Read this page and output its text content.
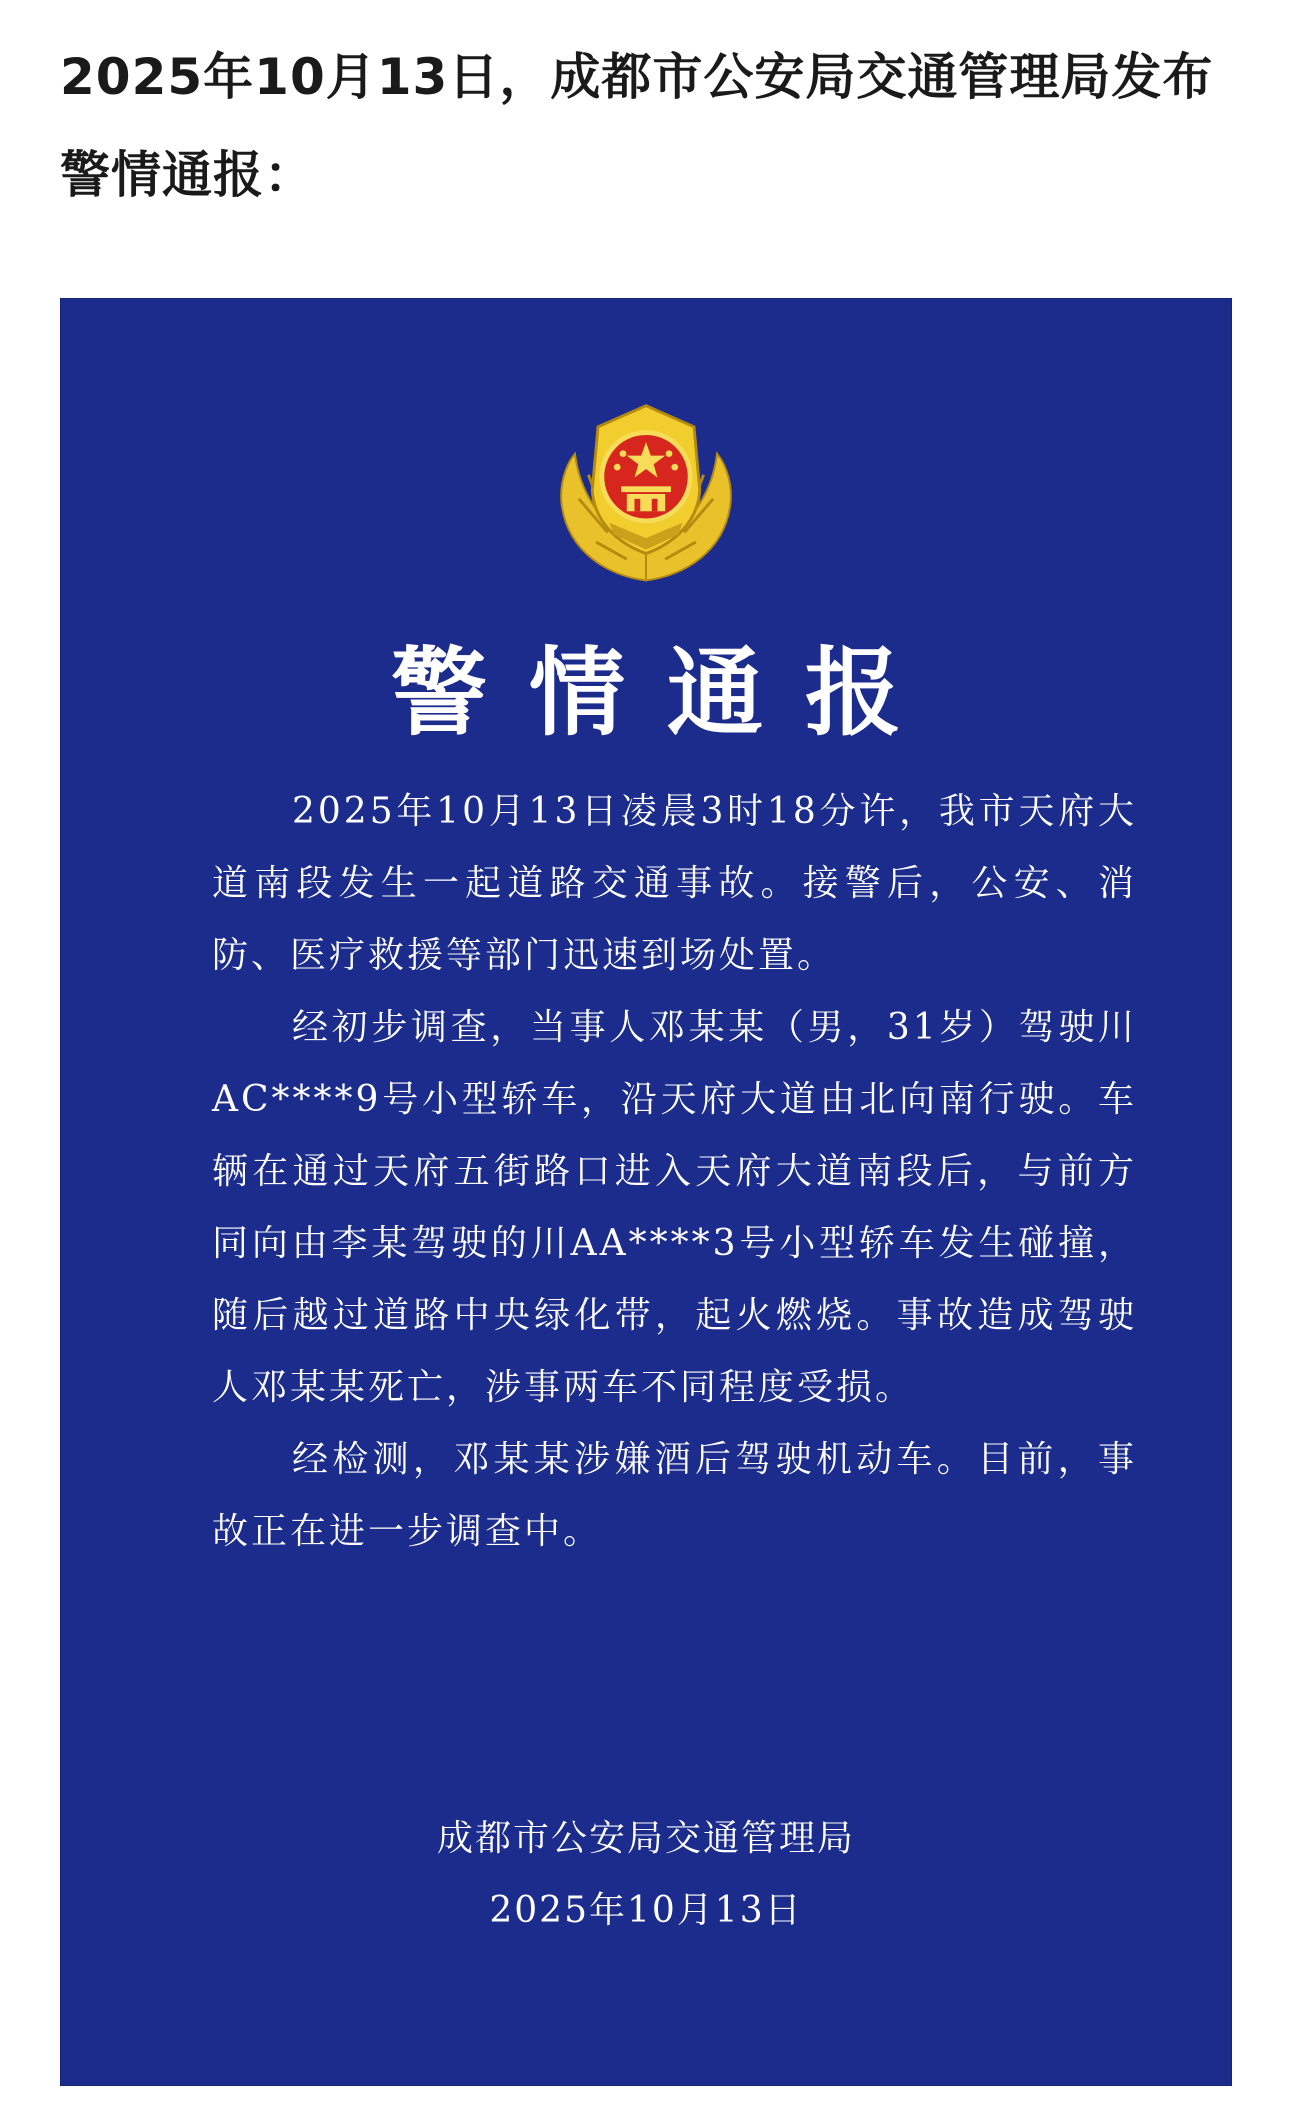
2025年10月13日，成都市公安局交通管理局发布警情通报：
警情通报

2025年10月13日凌晨3时18分许，我市天府大道南段发生一起道路交通事故。接警后，公安、消防、医疗救援等部门迅速到场处置。

经初步调查，当事人邓某某（男，31岁）驾驶川AC****9号小型轿车，沿天府大道由北向南行驶。车辆在通过天府五街路口进入天府大道南段后，与前方同向由李某驾驶的川AA****3号小型轿车发生碰撞，随后越过道路中央绿化带，起火燃烧。事故造成驾驶人邓某某死亡，涉事两车不同程度受损。

经检测，邓某某涉嫌酒后驾驶机动车。目前，事故正在进一步调查中。

成都市公安局交通管理局
2025年10月13日
